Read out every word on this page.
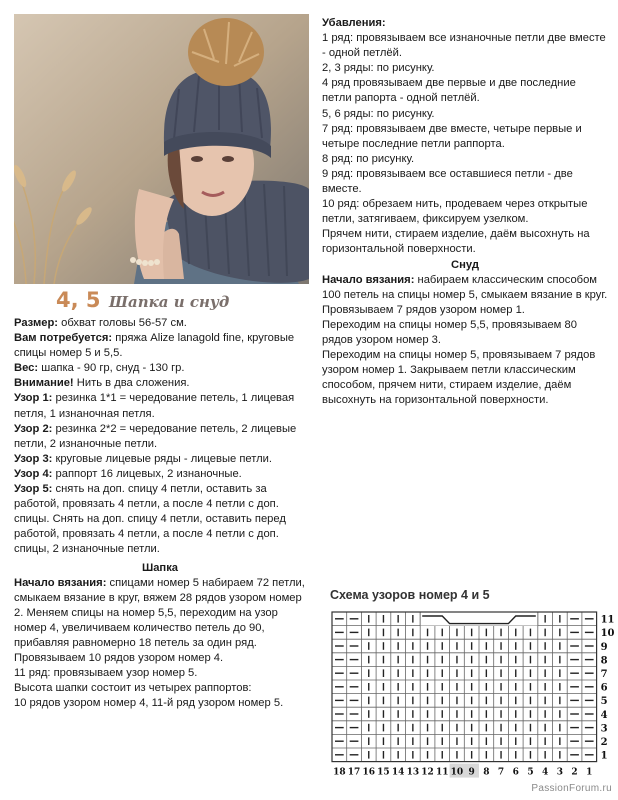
4, 5 Шапка и снуд

Размер: обхват головы 56-57 см.

Вам потребуется: пряжа Alize lanagold fine, круговые спицы номер 5 и 5,5.

Вес: шапка - 90 гр, снуд - 130 гр.

Внимание! Нить в два сложения.

Узор 1: резинка 1*1 = чередование петель, 1 лицевая петля, 1 изнаночная петля.

Узор 2: резинка 2*2 = чередование петель, 2 лицевые петли, 2 изнаночные петли.

Узор 3: круговые лицевые ряды - лицевые петли.

Узор 4: раппорт 16 лицевых, 2 изнаночные.

Узор 5: снять на доп. спицу 4 петли, оставить за работой, провязать 4 петли, а после 4 петли с доп. спицы. Снять на доп. спицу 4 петли, оставить перед работой, провязать 4 петли, а после 4 петли с доп. спицы, 2 изнаночные петли.

Шапка

Начало вязания: спицами номер 5 набираем 72 петли, смыкаем вязание в круг, вяжем 28 рядов узором номер 2. Меняем спицы на номер 5,5, переходим на узор номер 4, увеличиваем количество петель до 90, прибавляя равномерно 18 петель за один ряд.

Провязываем 10 рядов узором номер 4.

11 ряд: провязываем узор номер 5.

Высота шапки состоит из четырех раппортов:

10 рядов узором номер 4, 11-й ряд узором номер 5.

Убавления:

1 ряд: провязываем все изнаночные петли две вместе - одной петлёй.

2, 3 ряды: по рисунку.

4 ряд провязываем две первые и две последние петли рапорта - одной петлёй.

5, 6 ряды: по рисунку.

7 ряд: провязываем две вместе, четыре первые и четыре последние петли раппорта.

8 ряд: по рисунку.

9 ряд: провязываем все оставшиеся петли - две вместе.

10 ряд: обрезаем нить, продеваем через открытые петли, затягиваем, фиксируем узелком.

Прячем нити, стираем изделие, даём высохнуть на горизонтальной поверхности.

Снуд

Начало вязания: набираем классическим способом 100 петель на спицы номер 5, смыкаем вязание в круг. Провязываем 7 рядов узором номер 1.

Переходим на спицы номер 5,5, провязываем 80 рядов узором номер 3.

Переходим на спицы номер 5, провязываем 7 рядов узором номер 1. Закрываем петли классическим способом, прячем нити, стираем изделие, даём высохнуть на горизонтальной поверхности.

Схема узоров номер 4 и 5
11
10
9
8
7
6
5
4
3
2
1
18 17 16 15 14 13 12 11 10 9 8 7 6 5 4 3 2 1
PassionForum.ru
